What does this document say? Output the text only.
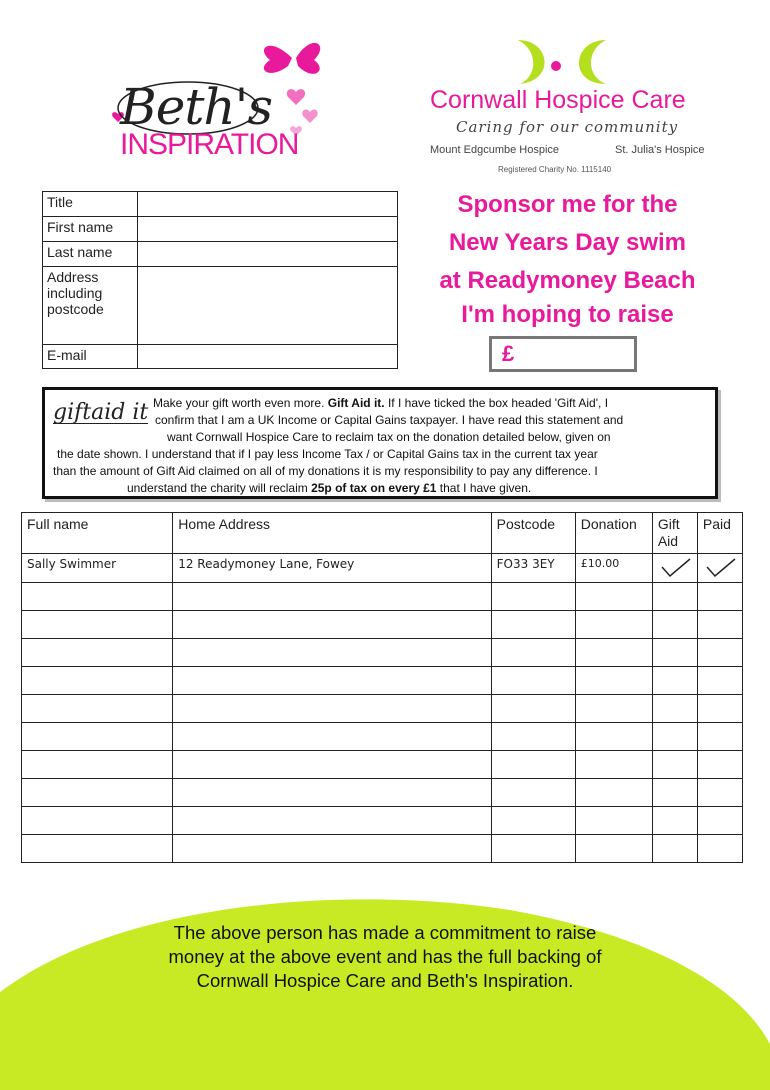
Beth's
INSPIRATION
Cornwall Hospice Care
Caring for our community
Mount Edgcumbe Hospice	St. Julia's Hospice
Registered Charity No. 1115140
Title	
First name	
Last name	
Address including postcode	
E-mail	
Sponsor me for the
New Years Day swim
at Readymoney Beach
I'm hoping to raise
£
giftaid it Make your gift worth even more. Gift Aid it. If I have ticked the box headed 'Gift Aid', I
confirm that I am a UK Income or Capital Gains taxpayer. I have read this statement and
want Cornwall Hospice Care to reclaim tax on the donation detailed below, given on
the date shown. I understand that if I pay less Income Tax / or Capital Gains tax in the current tax year
than the amount of Gift Aid claimed on all of my donations it is my responsibility to pay any difference. I
understand the charity will reclaim 25p of tax on every £1 that I have given.
Full name	Home Address	Postcode	Donation	Gift Aid	Paid
Sally Swimmer	12 Readymoney Lane, Fowey	FO33 3EY	£10.00	

The above person has made a commitment to raise
money at the above event and has the full backing of
Cornwall Hospice Care and Beth's Inspiration.
